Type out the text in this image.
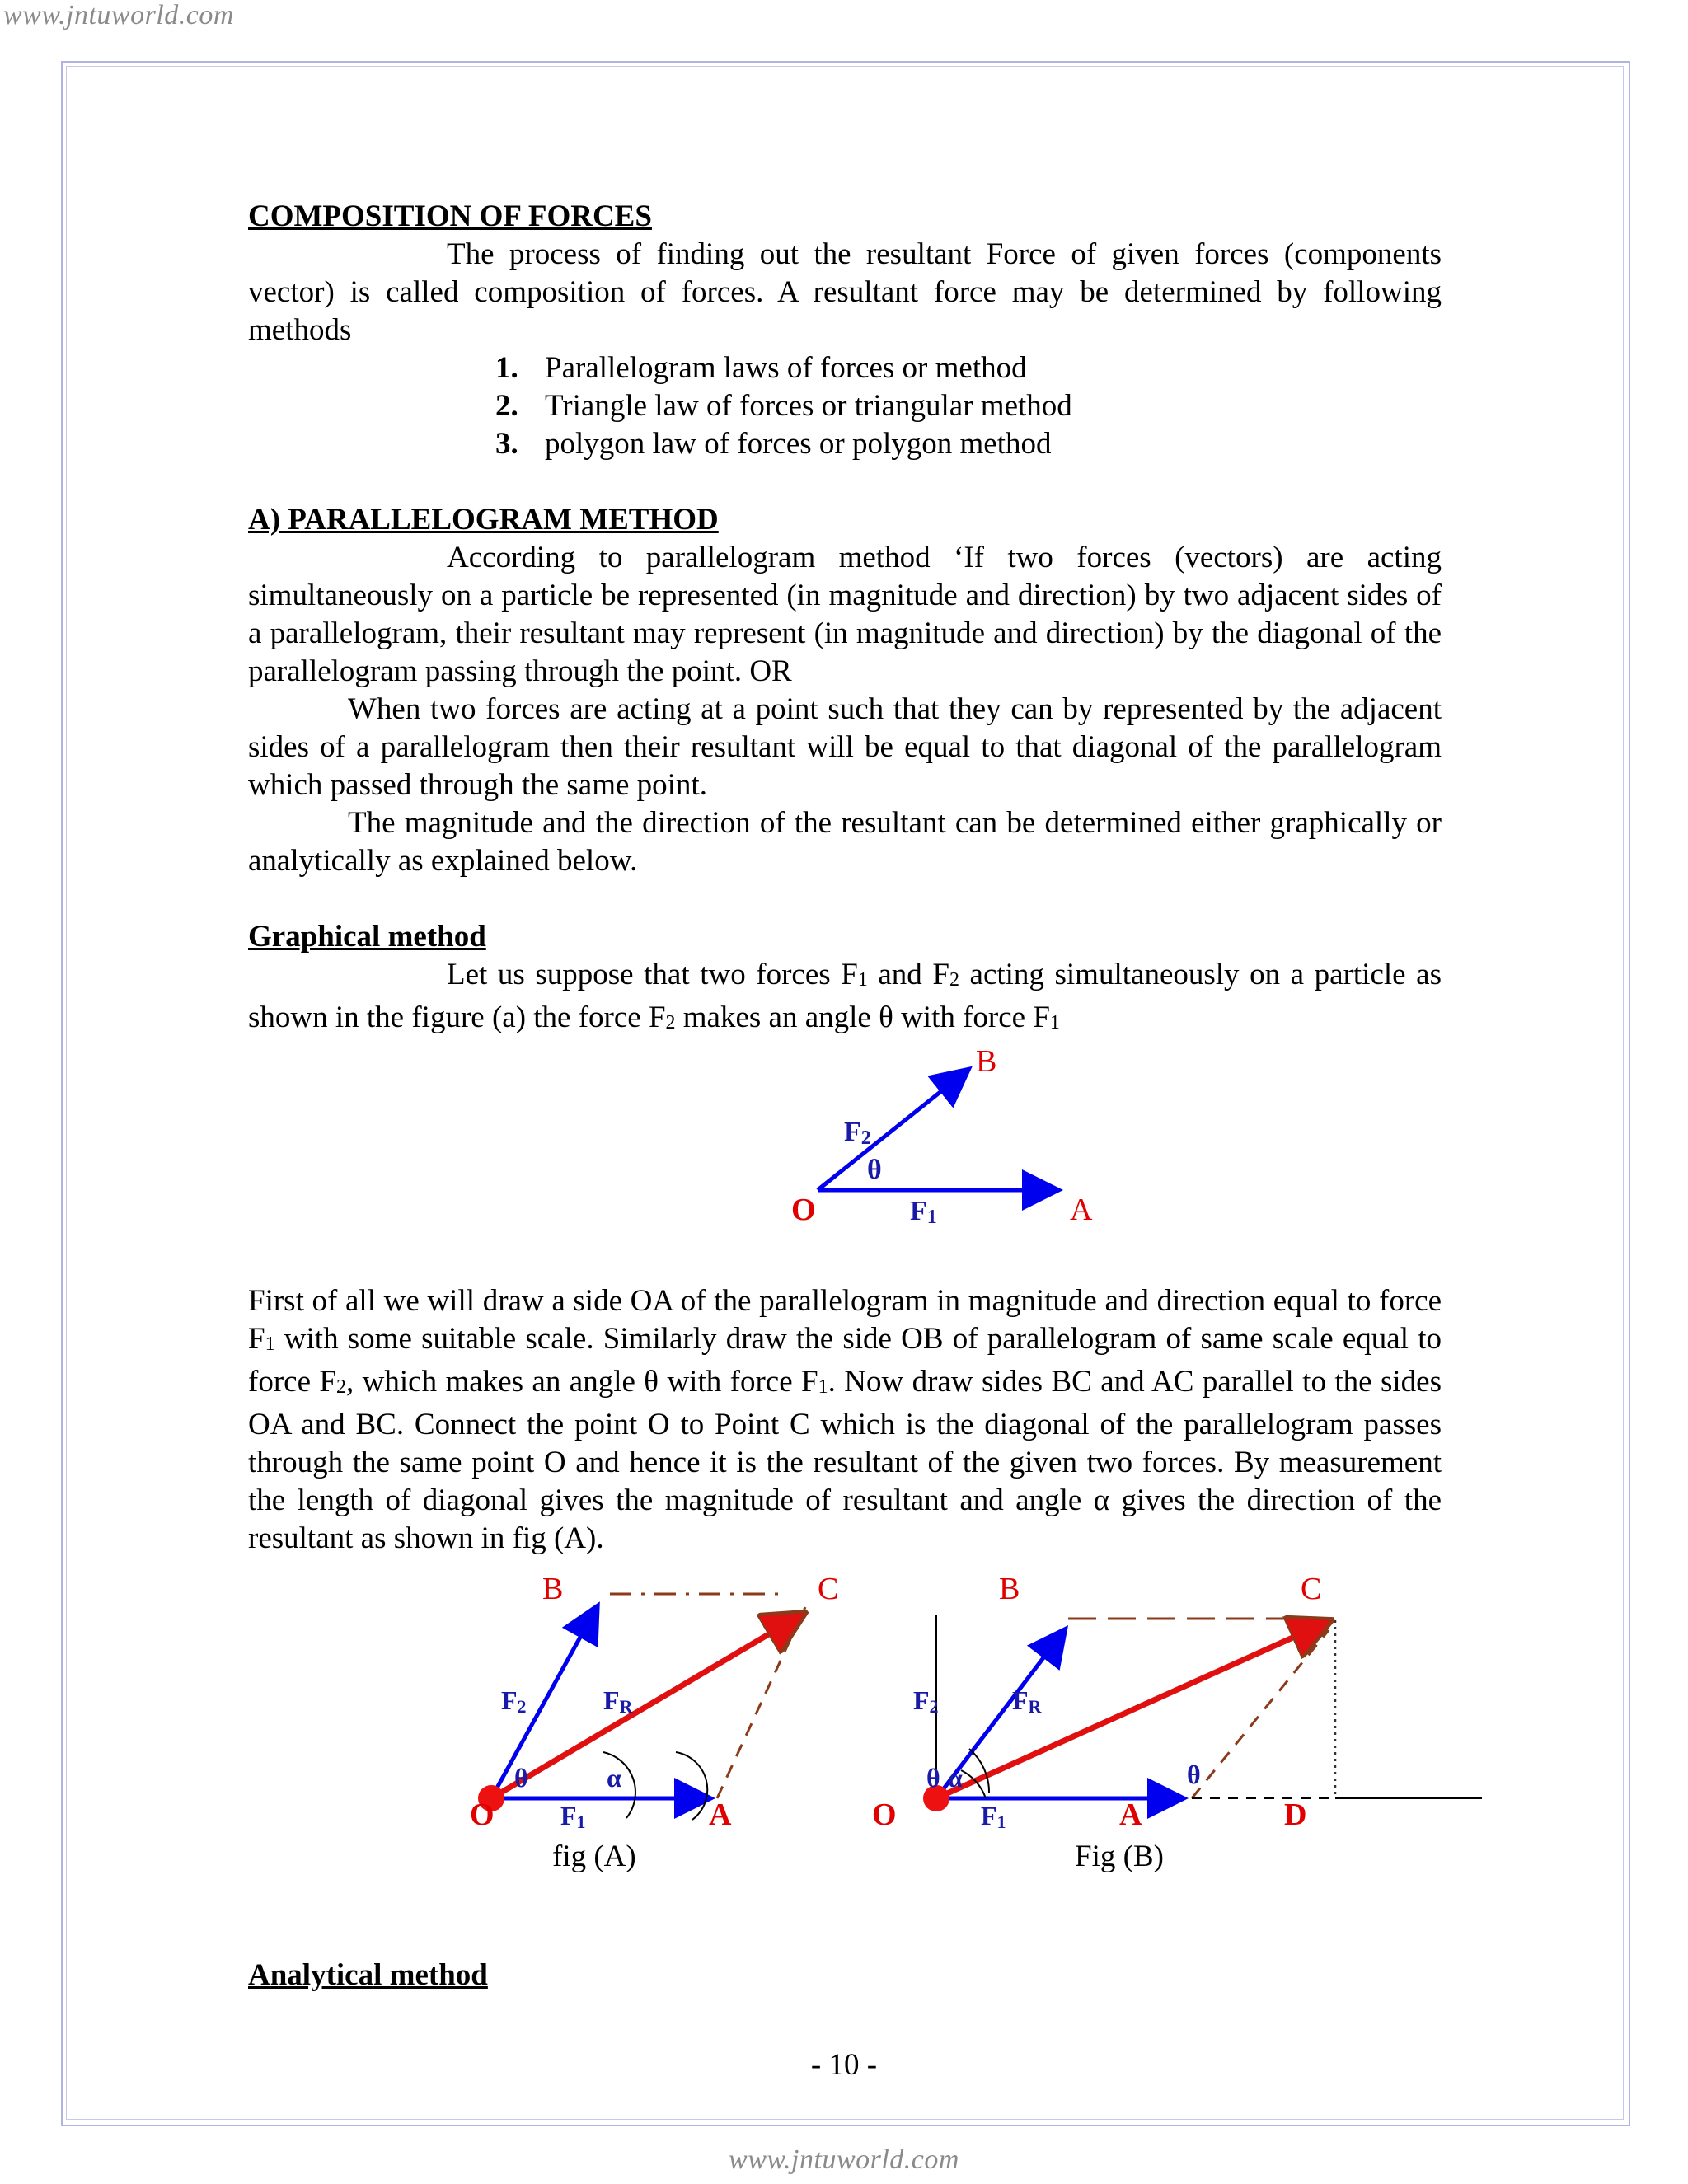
www.jntuworld.com
COMPOSITION OF FORCES

The process of finding out the resultant Force of given forces (components vector) is called composition of forces. A resultant force may be determined by following methods

1. Parallelogram laws of forces or method
2. Triangle law of forces or triangular method
3. polygon law of forces or polygon method
A) PARALLELOGRAM METHOD

According to parallelogram method ‘If two forces (vectors) are acting simultaneously on a particle be represented (in magnitude and direction) by two adjacent sides of a parallelogram, their resultant may represent (in magnitude and direction) by the diagonal of the parallelogram passing through the point. OR

When two forces are acting at a point such that they can by represented by the adjacent sides of a parallelogram then their resultant will be equal to that diagonal of the parallelogram which passed through the same point.

The magnitude and the direction of the resultant can be determined either graphically or analytically as explained below.

Graphical method

Let us suppose that two forces $F_1$ and $F_2$ acting simultaneously on a particle as shown in the figure (a) the force $F_2$ makes an angle θ with force $F_1$

First of all we will draw a side OA of the parallelogram in magnitude and direction equal to force $F_1$ with some suitable scale. Similarly draw the side OB of parallelogram of same scale equal to force $F_2$, which makes an angle θ with force $F_1$. Now draw sides BC and AC parallel to the sides OA and BC. Connect the point O to Point C which is the diagonal of the parallelogram passes through the same point O and hence it is the resultant of the given two forces. By measurement the length of diagonal gives the magnitude of resultant and angle α gives the direction of the resultant as shown in fig (A).

Analytical method
B
F2
θ
O	F1	A
B	C
F2	FR
θ	α
O	F1	A
fig (A)
B	C
F2	FR
θ α	θ
O	F1	A	D
Fig (B)
- 10 -
www.jntuworld.com
